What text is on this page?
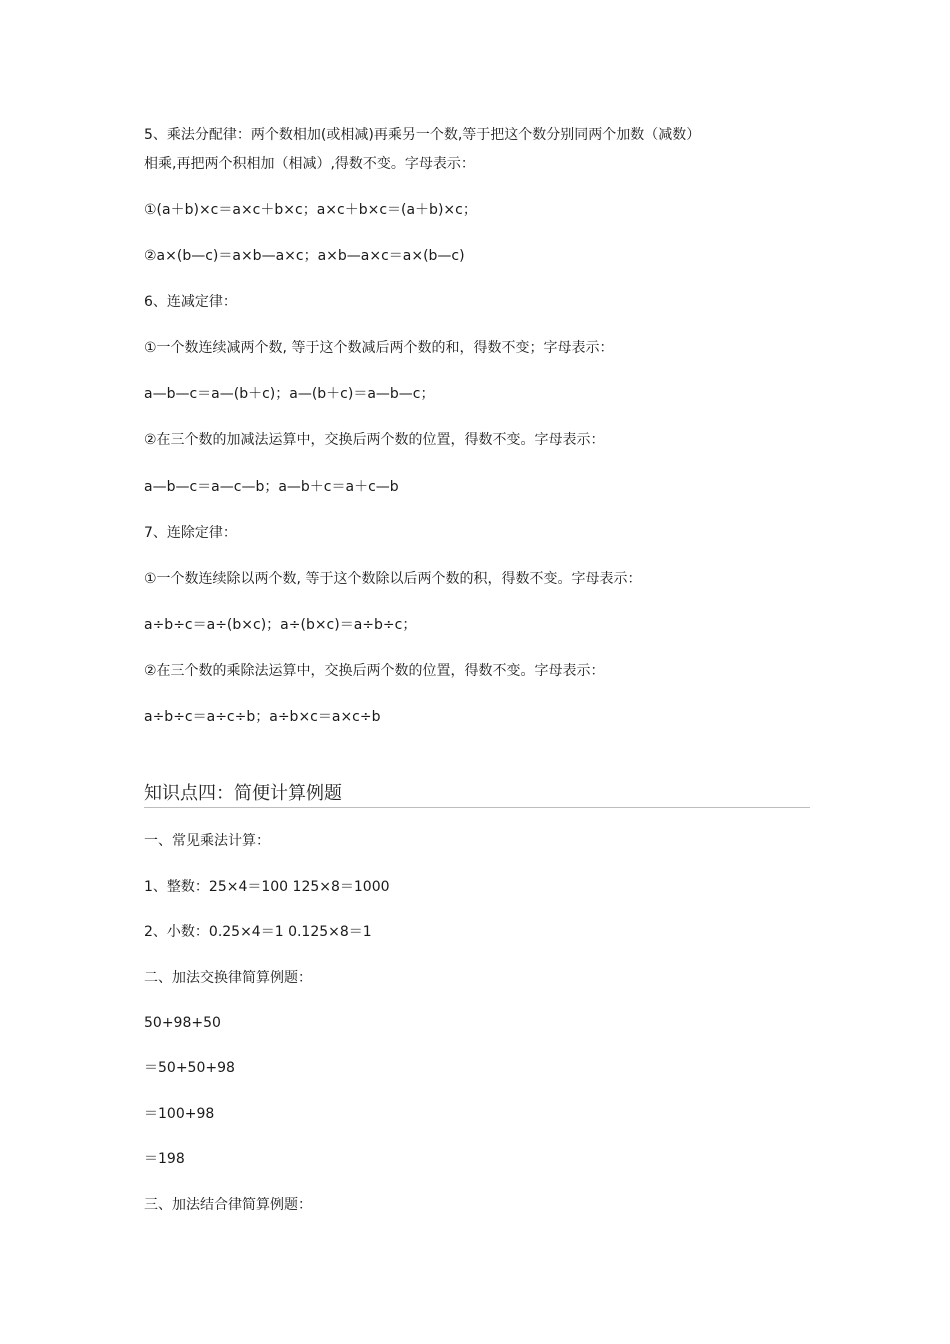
5、乘法分配律：两个数相加(或相减)再乘另一个数,等于把这个数分别同两个加数（减数）
相乘,再把两个积相加（相减）,得数不变。字母表示：
①(a＋b)×c＝a×c＋b×c；a×c＋b×c＝(a＋b)×c；
②a×(b—c)＝a×b—a×c；a×b—a×c＝a×(b—c)
6、连减定律：
①一个数连续减两个数, 等于这个数减后两个数的和，得数不变；字母表示：
a—b—c＝a—(b＋c)；a—(b＋c)＝a—b—c；
②在三个数的加减法运算中，交换后两个数的位置，得数不变。字母表示：
a—b—c＝a—c—b；a—b＋c＝a＋c—b
7、连除定律：
①一个数连续除以两个数, 等于这个数除以后两个数的积，得数不变。字母表示：
a÷b÷c＝a÷(b×c)；a÷(b×c)＝a÷b÷c；
②在三个数的乘除法运算中，交换后两个数的位置，得数不变。字母表示：
a÷b÷c＝a÷c÷b；a÷b×c＝a×c÷b
知识点四：简便计算例题
一、常见乘法计算：
1、整数：25×4＝100 125×8＝1000
2、小数：0.25×4＝1 0.125×8＝1
二、加法交换律简算例题：
50+98+50
＝50+50+98
＝100+98
＝198
三、加法结合律简算例题：
